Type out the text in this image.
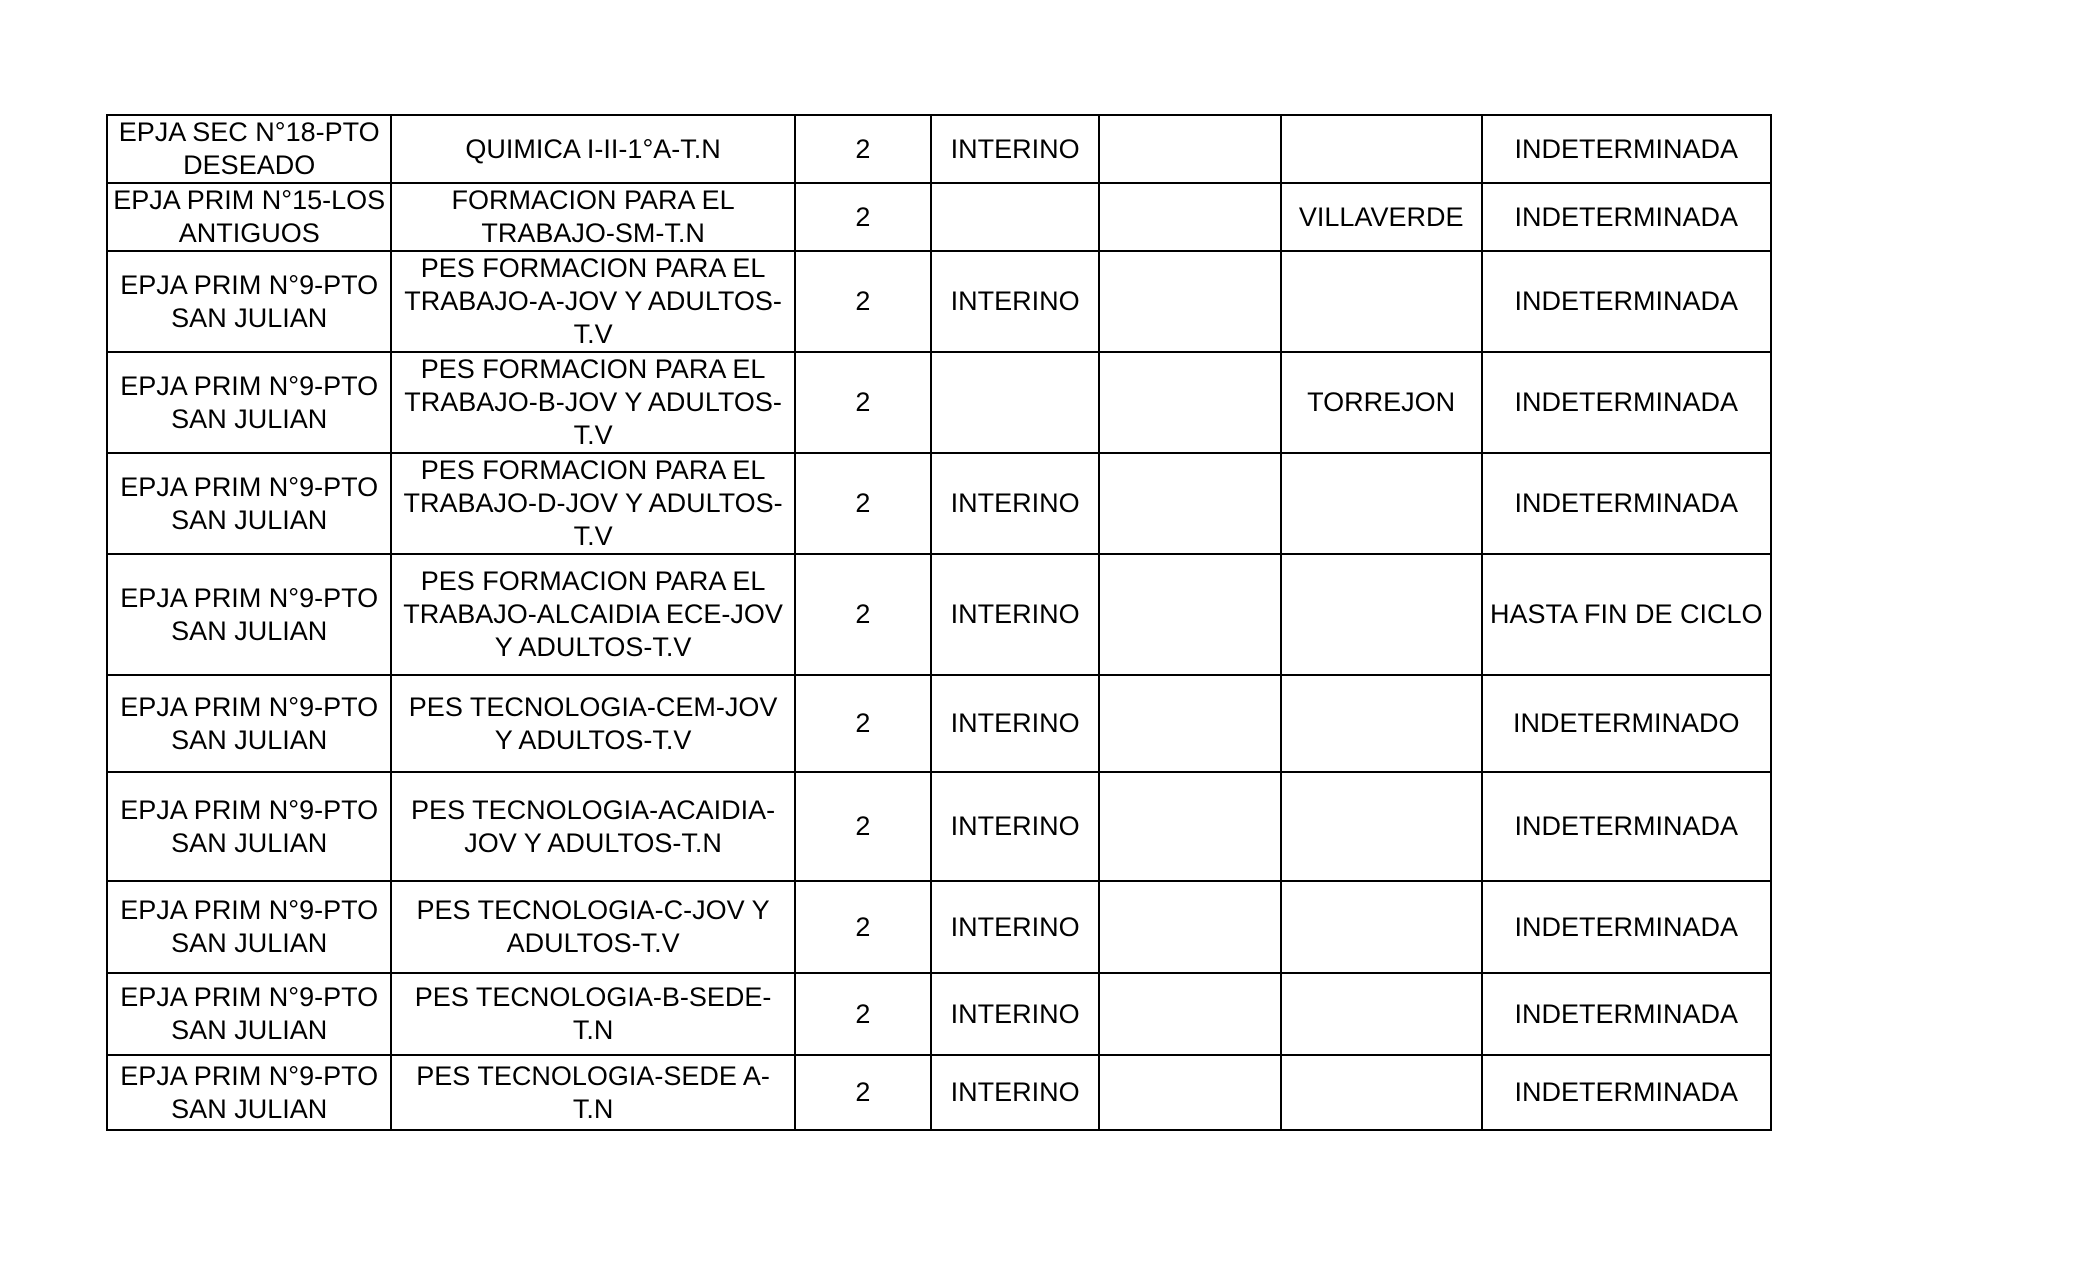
EPJA SEC N°18-PTO DESEADO	QUIMICA I-II-1°A-T.N	2	INTERINO			INDETERMINADA
EPJA PRIM N°15-LOS ANTIGUOS	FORMACION PARA EL TRABAJO-SM-T.N	2			VILLAVERDE	INDETERMINADA
EPJA PRIM N°9-PTO SAN JULIAN	PES FORMACION PARA EL TRABAJO-A-JOV Y ADULTOS-T.V	2	INTERINO			INDETERMINADA
EPJA PRIM N°9-PTO SAN JULIAN	PES FORMACION PARA EL TRABAJO-B-JOV Y ADULTOS-T.V	2			TORREJON	INDETERMINADA
EPJA PRIM N°9-PTO SAN JULIAN	PES FORMACION PARA EL TRABAJO-D-JOV Y ADULTOS-T.V	2	INTERINO			INDETERMINADA
EPJA PRIM N°9-PTO SAN JULIAN	PES FORMACION PARA EL TRABAJO-ALCAIDIA ECE-JOV Y ADULTOS-T.V	2	INTERINO			HASTA FIN DE CICLO
EPJA PRIM N°9-PTO SAN JULIAN	PES TECNOLOGIA-CEM-JOV Y ADULTOS-T.V	2	INTERINO			INDETERMINADO
EPJA PRIM N°9-PTO SAN JULIAN	PES TECNOLOGIA-ACAIDIA-JOV Y ADULTOS-T.N	2	INTERINO			INDETERMINADA
EPJA PRIM N°9-PTO SAN JULIAN	PES TECNOLOGIA-C-JOV Y ADULTOS-T.V	2	INTERINO			INDETERMINADA
EPJA PRIM N°9-PTO SAN JULIAN	PES TECNOLOGIA-B-SEDE-T.N	2	INTERINO			INDETERMINADA
EPJA PRIM N°9-PTO SAN JULIAN	PES TECNOLOGIA-SEDE A-T.N	2	INTERINO			INDETERMINADA
